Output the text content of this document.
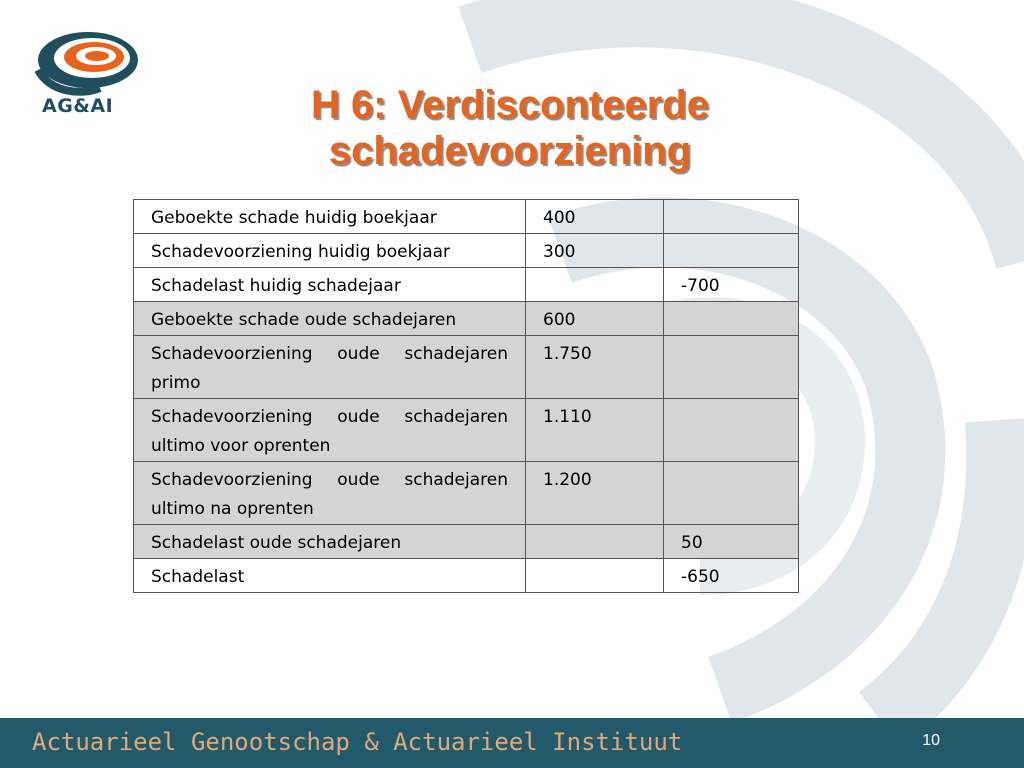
AG&AI	H 6: Verdisconteerde
schadevoorziening
Geboekte schade huidig boekjaar	400	
Schadevoorziening huidig boekjaar	300	
Schadelast huidig schadejaar		-700
Geboekte schade oude schadejaren	600	
Schadevoorziening oude schadejaren primo	1.750	
Schadevoorziening oude schadejaren ultimo voor oprenten	1.110	
Schadevoorziening oude schadejaren ultimo na oprenten	1.200	
Schadelast oude schadejaren		50
Schadelast		-650
Actuarieel Genootschap & Actuarieel Instituut	10
